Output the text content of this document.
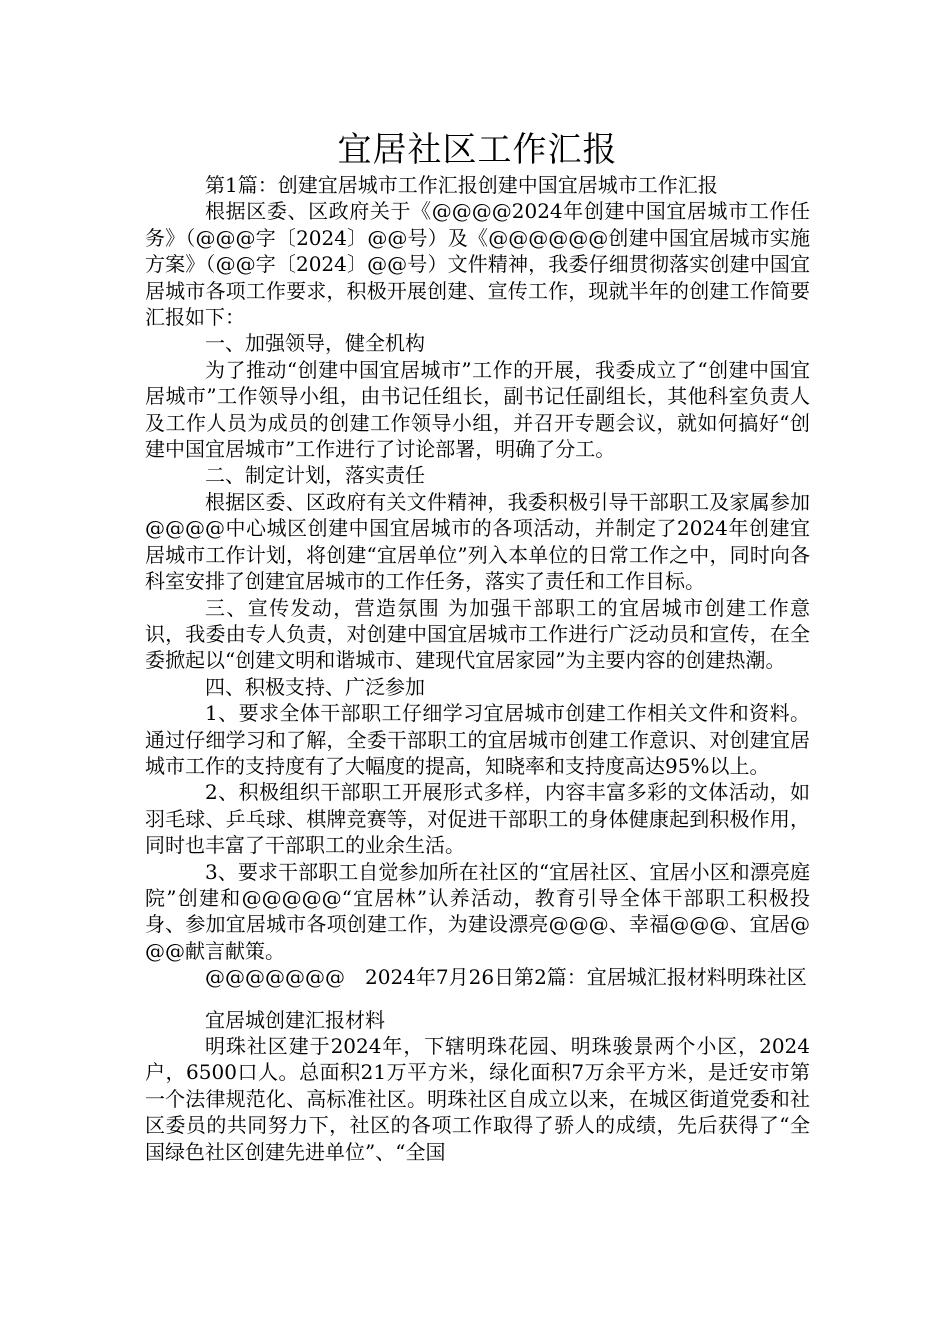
宜居社区工作汇报

第1篇：创建宜居城市工作汇报创建中国宜居城市工作汇报

根据区委、区政府关于《@@@@2024年创建中国宜居城市工作任务》（@@@字〔2024〕@@号）及《@@@@@@创建中国宜居城市实施方案》（@@字〔2024〕@@号）文件精神，我委仔细贯彻落实创建中国宜居城市各项工作要求，积极开展创建、宣传工作，现就半年的创建工作简要汇报如下：

一、加强领导，健全机构

为了推动“创建中国宜居城市”工作的开展，我委成立了“创建中国宜居城市”工作领导小组，由书记任组长，副书记任副组长，其他科室负责人及工作人员为成员的创建工作领导小组，并召开专题会议，就如何搞好“创建中国宜居城市”工作进行了讨论部署，明确了分工。

二、制定计划，落实责任

根据区委、区政府有关文件精神，我委积极引导干部职工及家属参加@@@@中心城区创建中国宜居城市的各项活动，并制定了2024年创建宜居城市工作计划，将创建“宜居单位”列入本单位的日常工作之中，同时向各科室安排了创建宜居城市的工作任务，落实了责任和工作目标。

三、宣传发动，营造氛围 为加强干部职工的宜居城市创建工作意识，我委由专人负责，对创建中国宜居城市工作进行广泛动员和宣传，在全委掀起以“创建文明和谐城市、建现代宜居家园”为主要内容的创建热潮。

四、积极支持、广泛参加

1、要求全体干部职工仔细学习宜居城市创建工作相关文件和资料。通过仔细学习和了解，全委干部职工的宜居城市创建工作意识、对创建宜居城市工作的支持度有了大幅度的提高，知晓率和支持度高达95%以上。

2、积极组织干部职工开展形式多样，内容丰富多彩的文体活动，如羽毛球、乒乓球、棋牌竞赛等，对促进干部职工的身体健康起到积极作用，同时也丰富了干部职工的业余生活。

3、要求干部职工自觉参加所在社区的“宜居社区、宜居小区和漂亮庭院”创建和@@@@@“宜居林”认养活动，教育引导全体干部职工积极投身、参加宜居城市各项创建工作，为建设漂亮@@@、幸福@@@、宜居@@@献言献策。

@@@@@@@　2024年7月26日第2篇：宜居城汇报材料明珠社区

宜居城创建汇报材料

明珠社区建于2024年，下辖明珠花园、明珠骏景两个小区，2024户，6500口人。总面积21万平方米，绿化面积7万余平方米，是迁安市第一个法律规范化、高标准社区。明珠社区自成立以来，在城区街道党委和社区委员的共同努力下，社区的各项工作取得了骄人的成绩，先后获得了“全国绿色社区创建先进单位”、“全国
